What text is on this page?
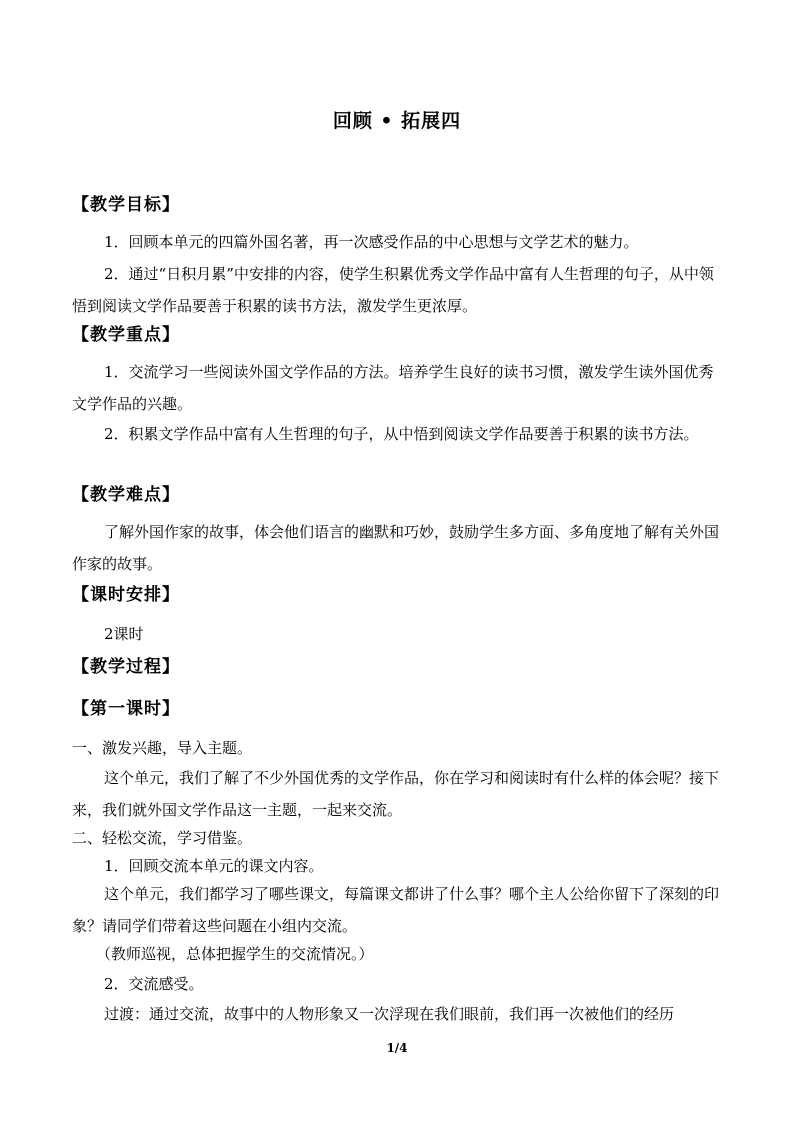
回顾 • 拓展四
【教学目标】
1．回顾本单元的四篇外国名著，再一次感受作品的中心思想与文学艺术的魅力。
2．通过“日积月累”中安排的内容，使学生积累优秀文学作品中富有人生哲理的句子，从中领悟到阅读文学作品要善于积累的读书方法，激发学生更浓厚。
【教学重点】
1．交流学习一些阅读外国文学作品的方法。培养学生良好的读书习惯，激发学生读外国优秀文学作品的兴趣。
2．积累文学作品中富有人生哲理的句子，从中悟到阅读文学作品要善于积累的读书方法。
【教学难点】
了解外国作家的故事，体会他们语言的幽默和巧妙，鼓励学生多方面、多角度地了解有关外国作家的故事。
【课时安排】
2课时
【教学过程】
【第一课时】
一、激发兴趣，导入主题。
这个单元，我们了解了不少外国优秀的文学作品，你在学习和阅读时有什么样的体会呢？接下来，我们就外国文学作品这一主题，一起来交流。
二、轻松交流，学习借鉴。
1．回顾交流本单元的课文内容。
这个单元，我们都学习了哪些课文，每篇课文都讲了什么事？哪个主人公给你留下了深刻的印象？请同学们带着这些问题在小组内交流。
（教师巡视，总体把握学生的交流情况。）
2．交流感受。
过渡：通过交流，故事中的人物形象又一次浮现在我们眼前，我们再一次被他们的经历
1/4
